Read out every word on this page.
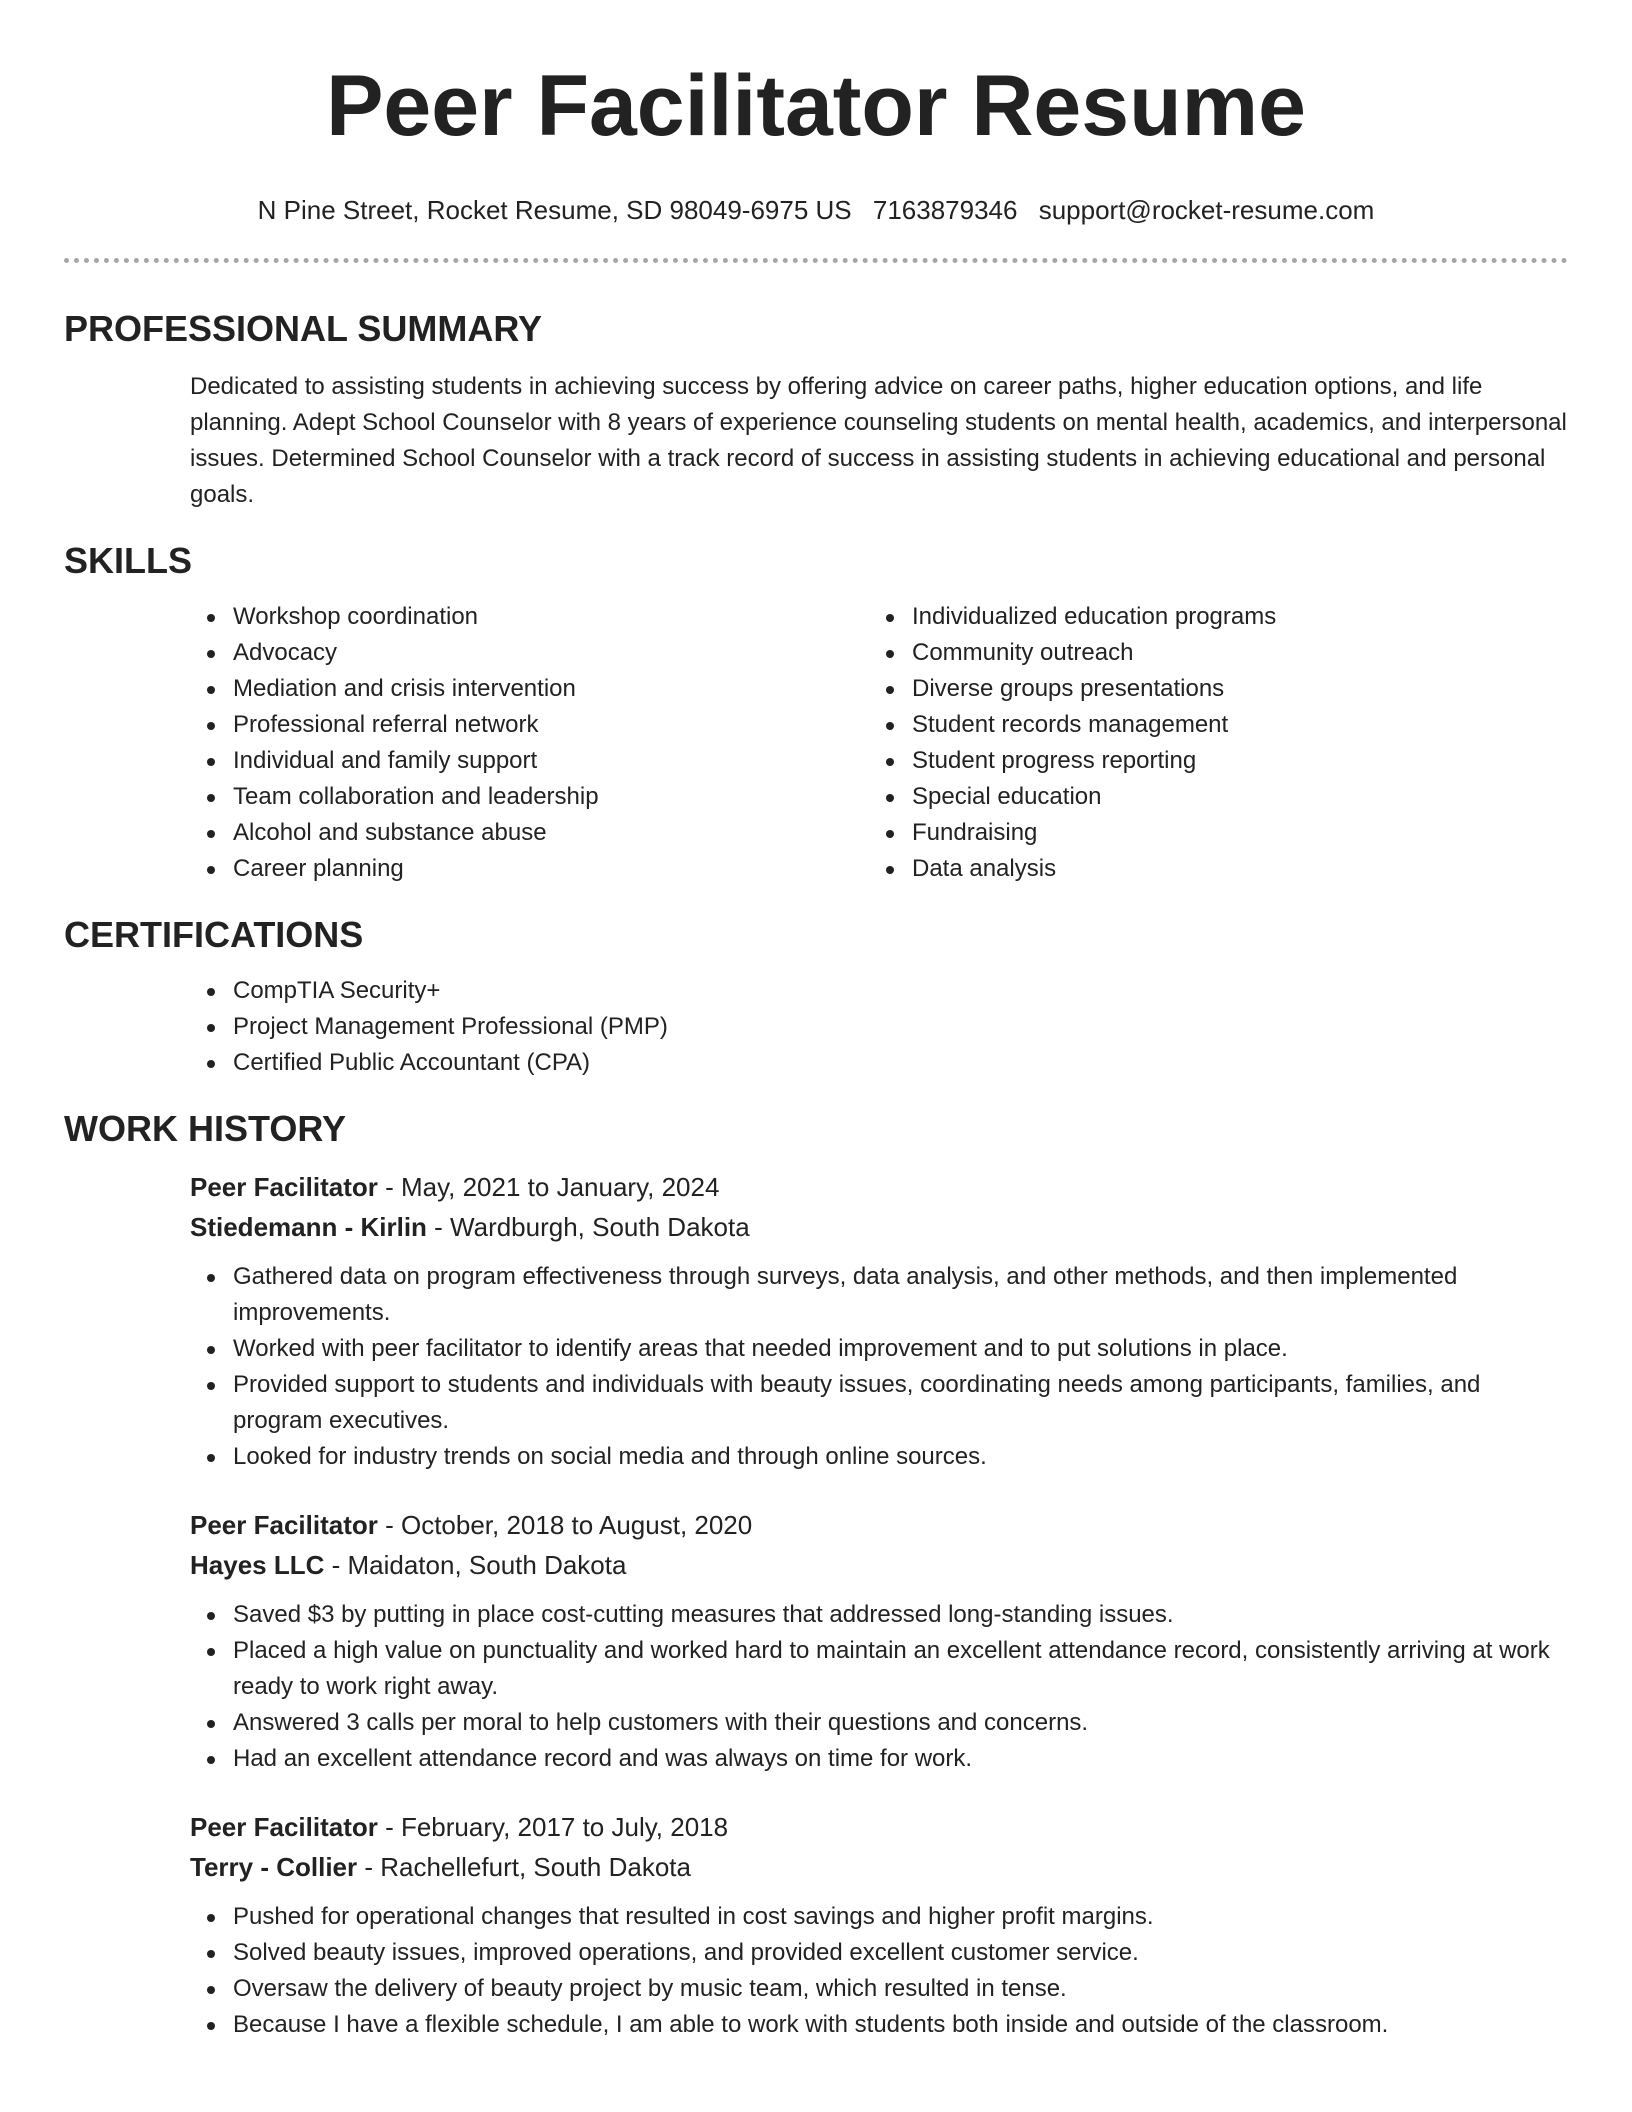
Peer Facilitator Resume
N Pine Street, Rocket Resume, SD 98049-6975 US 7163879346 support@rocket-resume.com
PROFESSIONAL SUMMARY

Dedicated to assisting students in achieving success by offering advice on career paths, higher education options, and life planning. Adept School Counselor with 8 years of experience counseling students on mental health, academics, and interpersonal issues. Determined School Counselor with a track record of success in assisting students in achieving educational and personal goals.

SKILLS
Workshop coordination
Advocacy
Mediation and crisis intervention
Professional referral network
Individual and family support
Team collaboration and leadership
Alcohol and substance abuse
Career planning
Individualized education programs
Community outreach
Diverse groups presentations
Student records management
Student progress reporting
Special education
Fundraising
Data analysis
CERTIFICATIONS
CompTIA Security+
Project Management Professional (PMP)
Certified Public Accountant (CPA)
WORK HISTORY
Peer Facilitator - May, 2021 to January, 2024
Stiedemann - Kirlin - Wardburgh, South Dakota
Gathered data on program effectiveness through surveys, data analysis, and other methods, and then implemented improvements.
Worked with peer facilitator to identify areas that needed improvement and to put solutions in place.
Provided support to students and individuals with beauty issues, coordinating needs among participants, families, and program executives.
Looked for industry trends on social media and through online sources.
Peer Facilitator - October, 2018 to August, 2020
Hayes LLC - Maidaton, South Dakota
Saved $3 by putting in place cost-cutting measures that addressed long-standing issues.
Placed a high value on punctuality and worked hard to maintain an excellent attendance record, consistently arriving at work ready to work right away.
Answered 3 calls per moral to help customers with their questions and concerns.
Had an excellent attendance record and was always on time for work.
Peer Facilitator - February, 2017 to July, 2018
Terry - Collier - Rachellefurt, South Dakota
Pushed for operational changes that resulted in cost savings and higher profit margins.
Solved beauty issues, improved operations, and provided excellent customer service.
Oversaw the delivery of beauty project by music team, which resulted in tense.
Because I have a flexible schedule, I am able to work with students both inside and outside of the classroom.
